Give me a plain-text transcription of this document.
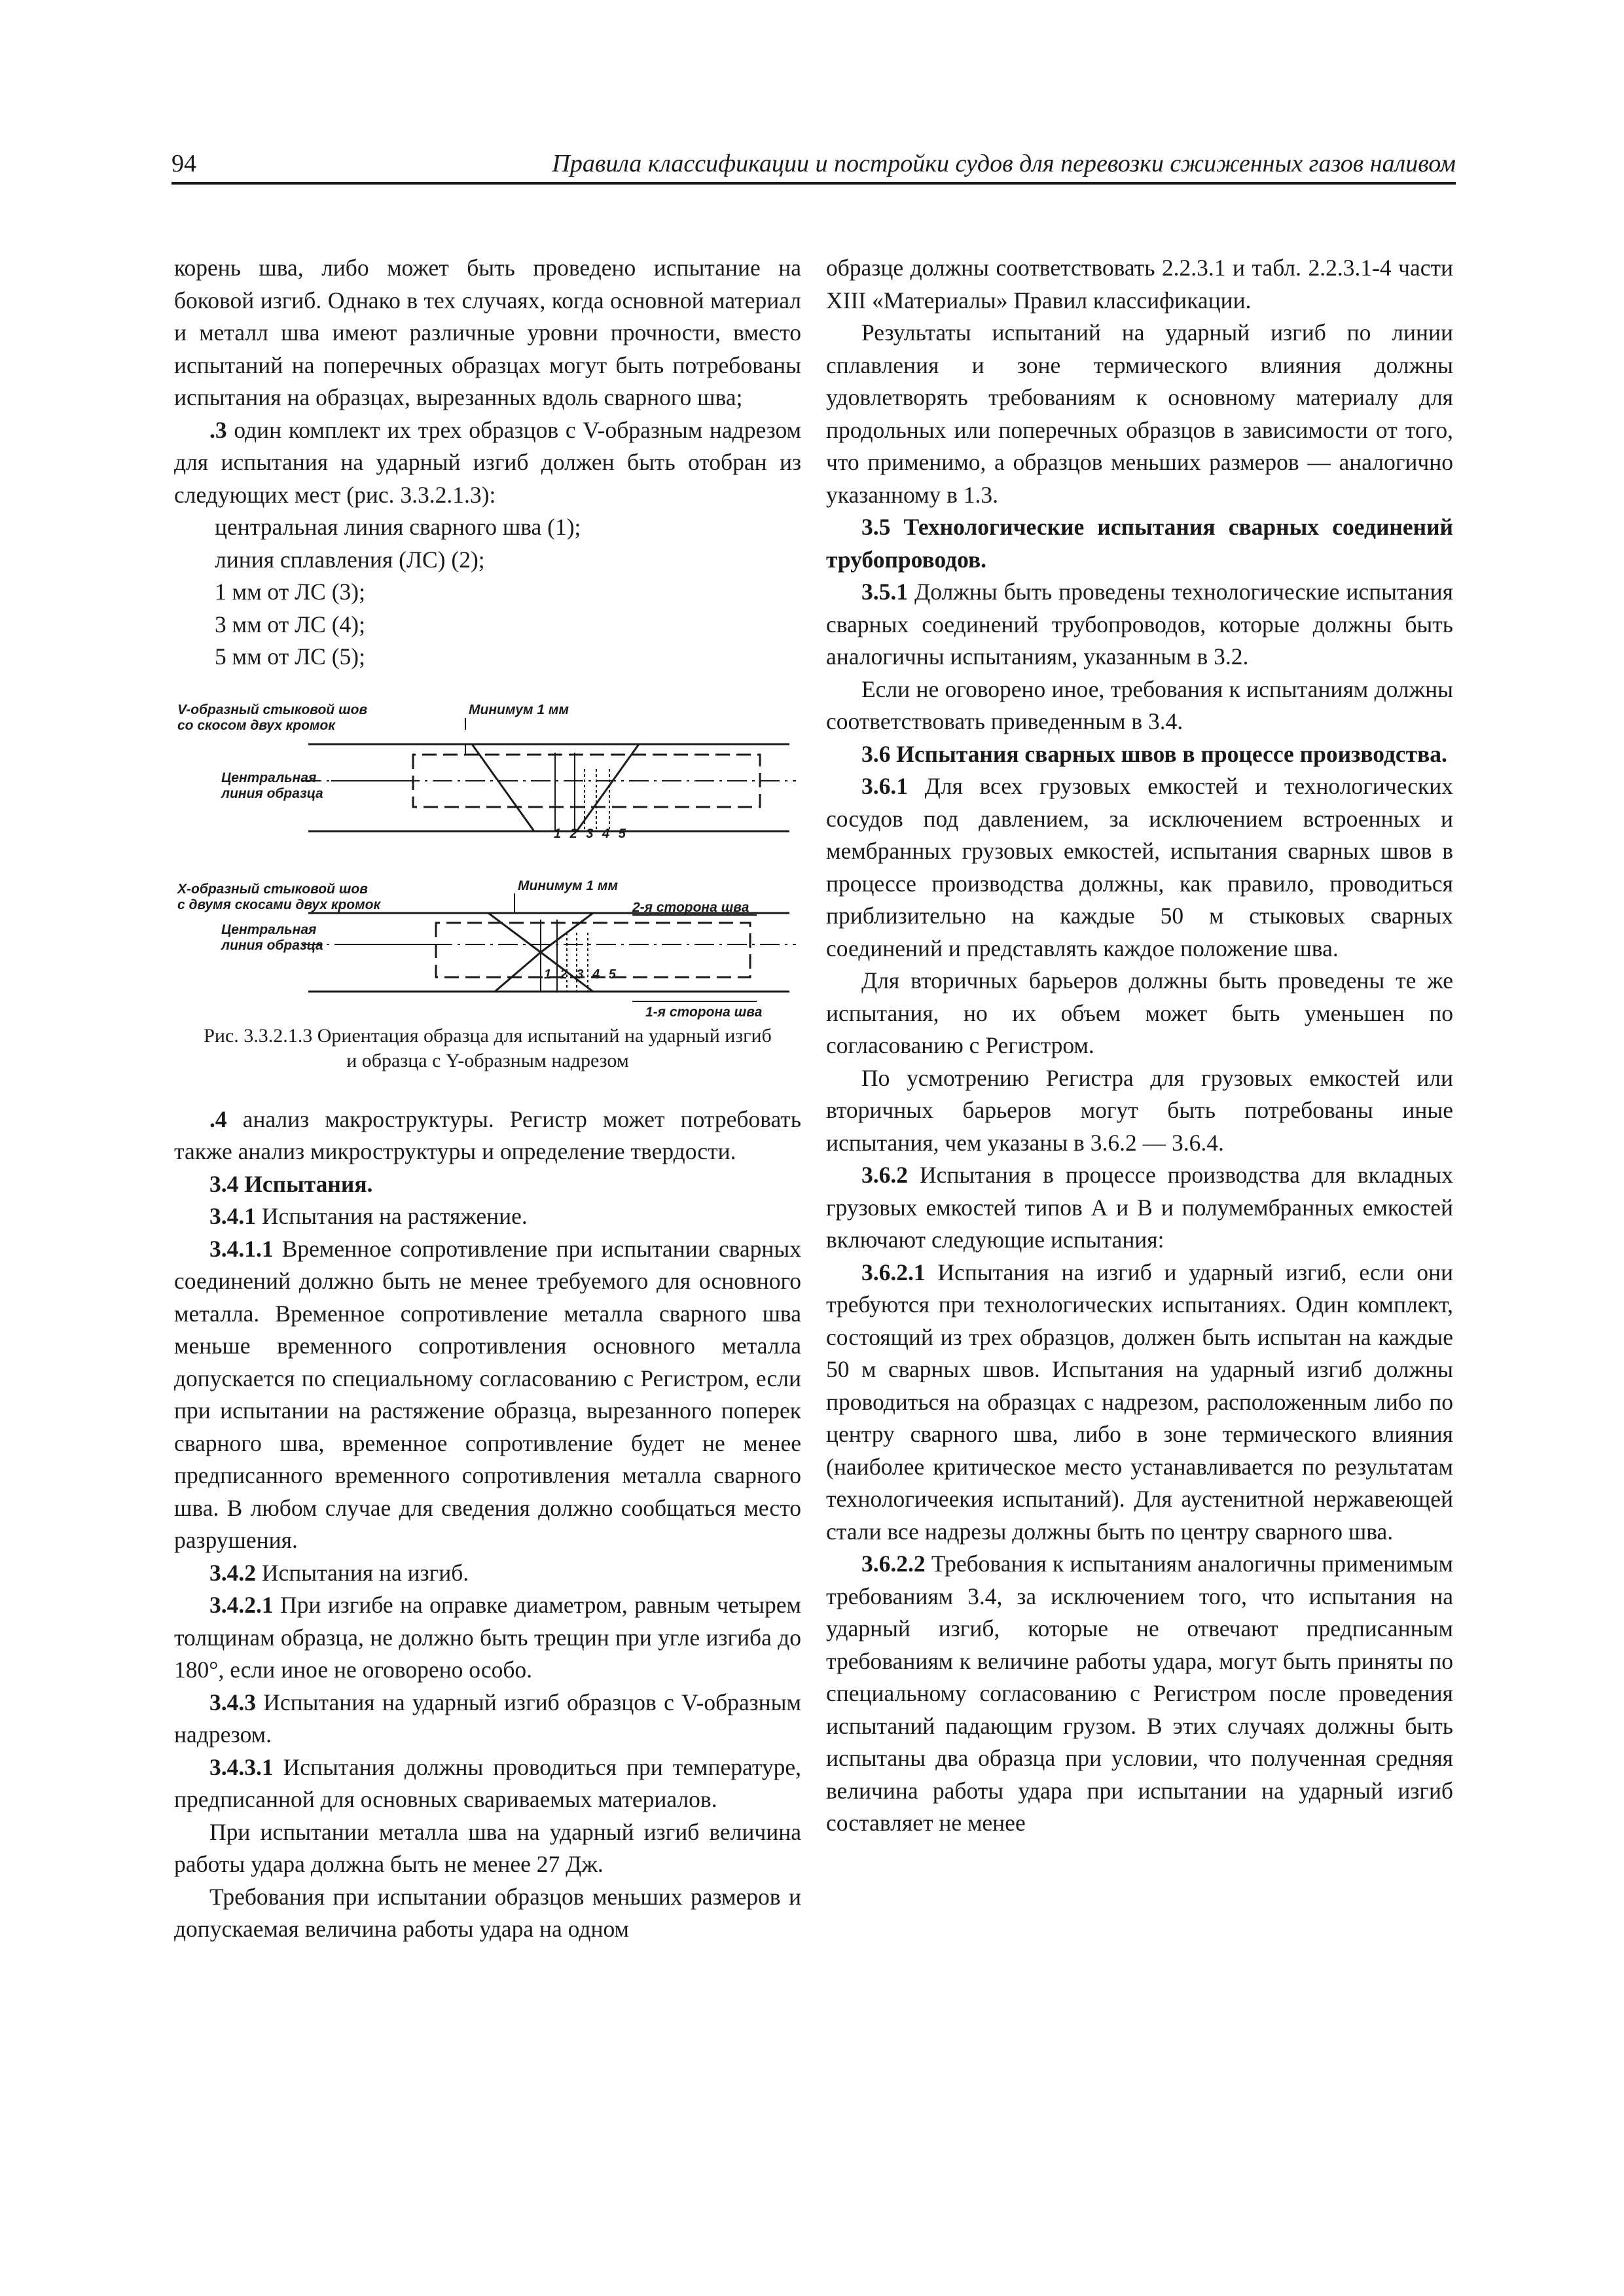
94	Правила классификации и постройки судов для перевозки сжиженных газов наливом

корень шва, либо может быть проведено испытание на боковой изгиб. Однако в тех случаях, когда основной материал и металл шва имеют различные уровни прочности, вместо испытаний на поперечных образцах могут быть потребованы испытания на образцах, вырезанных вдоль сварного шва;

.3 один комплект их трех образцов с V-образным надрезом для испытания на ударный изгиб должен быть отобран из следующих мест (рис. 3.3.2.1.3):

центральная линия сварного шва (1);

линия сплавления (ЛС) (2);

1 мм от ЛС (3);

3 мм от ЛС (4);

5 мм от ЛС (5);

V-образный стыковой шов
со скосом двух кромок
Минимум 1 мм
Центральная
линия образца
1 2 3 4 5
X-образный стыковой шов
с двумя скосами двух кромок
Минимум 1 мм
2-я сторона шва
Центральная
линия образца
1 2 3 4 5
1-я сторона шва

Рис. 3.3.2.1.3 Ориентация образца для испытаний на ударный изгиб
и образца с Y-образным надрезом

.4 анализ макроструктуры. Регистр может потребовать также анализ микроструктуры и определение твердости.

3.4 Испытания.

3.4.1 Испытания на растяжение.

3.4.1.1 Временное сопротивление при испытании сварных соединений должно быть не менее требуемого для основного металла. Временное сопротивление металла сварного шва меньше временного сопротивления основного металла допускается по специальному согласованию с Регистром, если при испытании на растяжение образца, вырезанного поперек сварного шва, временное сопротивление будет не менее предписанного временного сопротивления металла сварного шва. В любом случае для сведения должно сообщаться место разрушения.

3.4.2 Испытания на изгиб.

3.4.2.1 При изгибе на оправке диаметром, равным четырем толщинам образца, не должно быть трещин при угле изгиба до 180°, если иное не оговорено особо.

3.4.3 Испытания на ударный изгиб образцов с V-образным надрезом.

3.4.3.1 Испытания должны проводиться при температуре, предписанной для основных свариваемых материалов.

При испытании металла шва на ударный изгиб величина работы удара должна быть не менее 27 Дж.

Требования при испытании образцов меньших размеров и допускаемая величина работы удара на одном

образце должны соответствовать 2.2.3.1 и табл. 2.2.3.1-4 части XIII «Материалы» Правил классификации.

Результаты испытаний на ударный изгиб по линии сплавления и зоне термического влияния должны удовлетворять требованиям к основному материалу для продольных или поперечных образцов в зависимости от того, что применимо, а образцов меньших размеров — аналогично указанному в 1.3.

3.5 Технологические испытания сварных соединений трубопроводов.

3.5.1 Должны быть проведены технологические испытания сварных соединений трубопроводов, которые должны быть аналогичны испытаниям, указанным в 3.2.

Если не оговорено иное, требования к испытаниям должны соответствовать приведенным в 3.4.

3.6 Испытания сварных швов в процессе производства.

3.6.1 Для всех грузовых емкостей и технологических сосудов под давлением, за исключением встроенных и мембранных грузовых емкостей, испытания сварных швов в процессе производства должны, как правило, проводиться приблизительно на каждые 50 м стыковых сварных соединений и представлять каждое положение шва.

Для вторичных барьеров должны быть проведены те же испытания, но их объем может быть уменьшен по согласованию с Регистром.

По усмотрению Регистра для грузовых емкостей или вторичных барьеров могут быть потребованы иные испытания, чем указаны в 3.6.2 — 3.6.4.

3.6.2 Испытания в процессе производства для вкладных грузовых емкостей типов А и В и полумембранных емкостей включают следующие испытания:

3.6.2.1 Испытания на изгиб и ударный изгиб, если они требуются при технологических испытаниях. Один комплект, состоящий из трех образцов, должен быть испытан на каждые 50 м сварных швов. Испытания на ударный изгиб должны проводиться на образцах с надрезом, расположенным либо по центру сварного шва, либо в зоне термического влияния (наиболее критическое место устанавливается по результатам технологичеекия испытаний). Для аустенитной нержавеющей стали все надрезы должны быть по центру сварного шва.

3.6.2.2 Требования к испытаниям аналогичны применимым требованиям 3.4, за исключением того, что испытания на ударный изгиб, которые не отвечают предписанным требованиям к величине работы удара, могут быть приняты по специальному согласованию с Регистром после проведения испытаний падающим грузом. В этих случаях должны быть испытаны два образца при условии, что полученная средняя величина работы удара при испытании на ударный изгиб составляет не менее
